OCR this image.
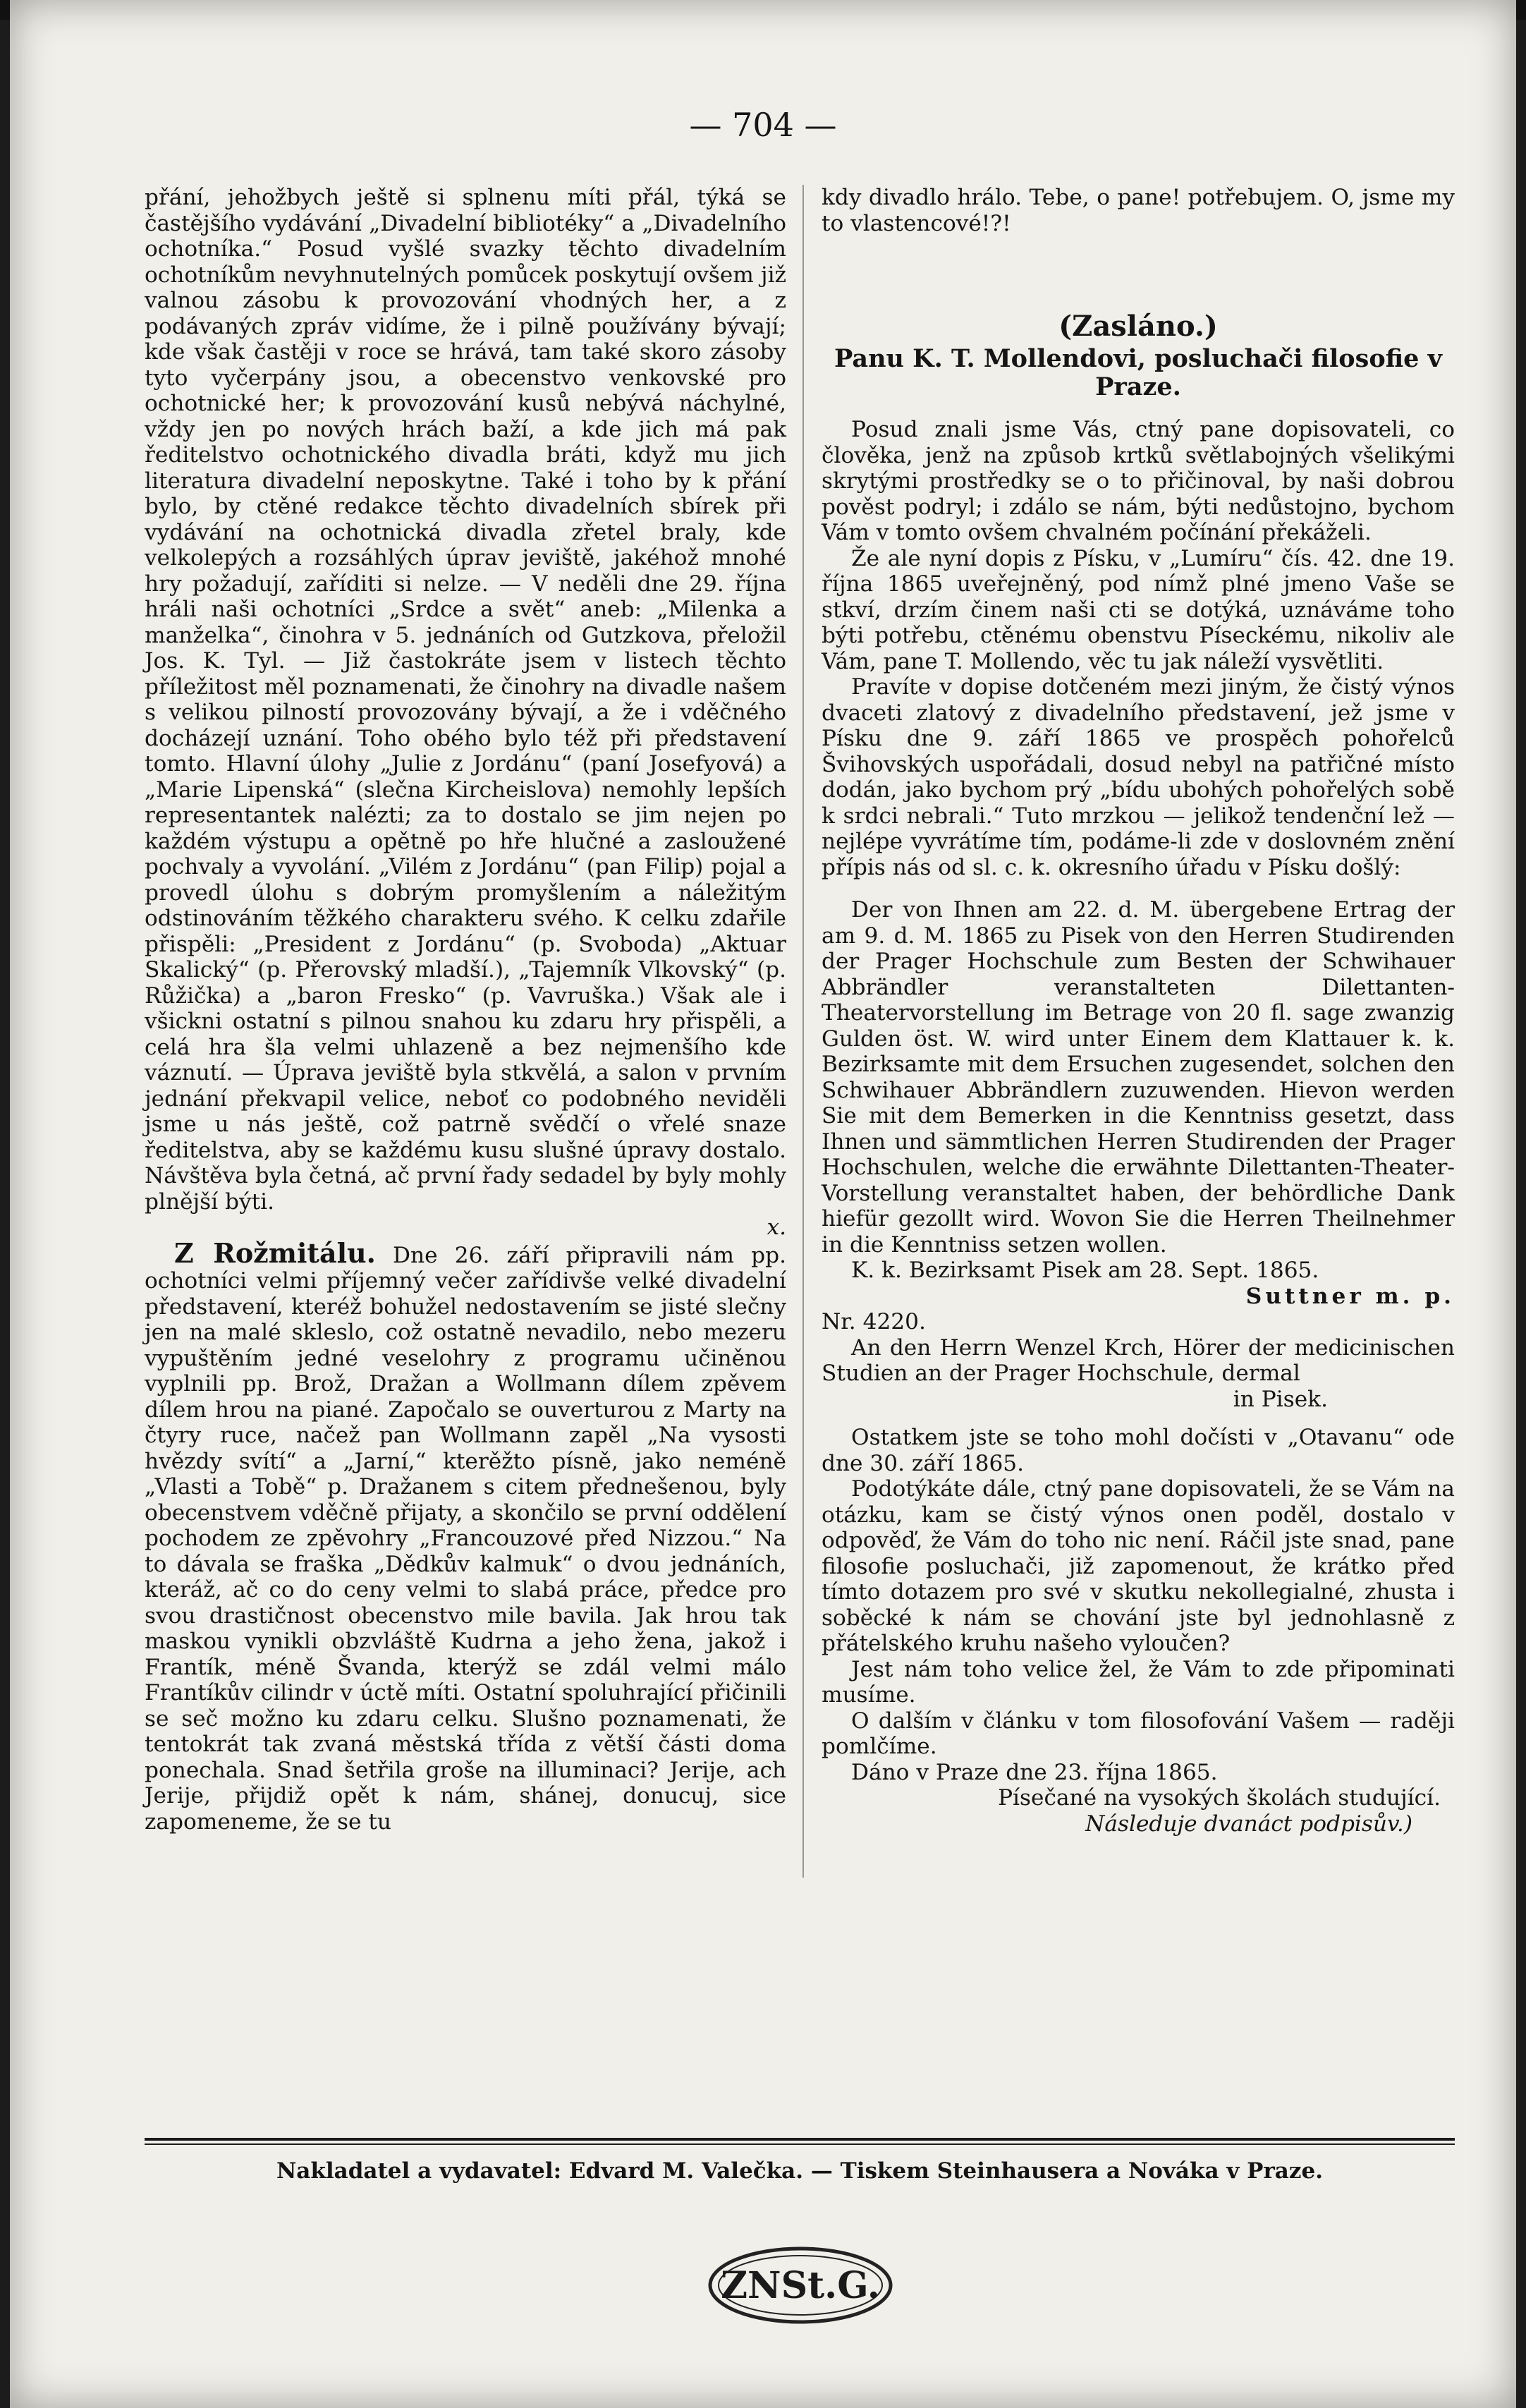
— 704 —

přání, jehožbych ještě si splnenu míti přál, týká se častějšího vydávání „Divadelní bibliotéky“ a „Divadelního ochotníka.“ Posud vyšlé svazky těchto divadelním ochotníkům nevyhnutelných pomůcek poskytují ovšem již valnou zásobu k provozování vhodných her, a z podávaných zpráv vidíme, že i pilně používány bývají; kde však častěji v roce se hrává, tam také skoro zásoby tyto vyčerpány jsou, a obecenstvo venkovské pro ochotnické her; k provozování kusů nebývá náchylné, vždy jen po nových hrách baží, a kde jich má pak ředitelstvo ochotnického divadla bráti, když mu jich literatura divadelní neposkytne. Také i toho by k přání bylo, by ctěné redakce těchto divadelních sbírek při vydávání na ochotnická divadla zřetel braly, kde velkolepých a rozsáhlých úprav jeviště, jakéhož mnohé hry požadují, zaříditi si nelze. — V neděli dne 29. října hráli naši ochotníci „Srdce a svět“ aneb: „Milenka a manželka“, činohra v 5. jednáních od Gutzkova, přeložil Jos. K. Tyl. — Již častokráte jsem v listech těchto příležitost měl poznamenati, že činohry na divadle našem s velikou pilností provozovány bývají, a že i vděčného docházejí uznání. Toho obého bylo též při představení tomto. Hlavní úlohy „Julie z Jordánu“ (paní Josefyová) a „Marie Lipenská“ (slečna Kircheislova) nemohly lepších representantek nalézti; za to dostalo se jim nejen po každém výstupu a opětně po hře hlučné a zasloužené pochvaly a vyvolání. „Vilém z Jordánu“ (pan Filip) pojal a provedl úlohu s dobrým promyšlením a náležitým odstinováním těžkého charakteru svého. K celku zdařile přispěli: „President z Jordánu“ (p. Svoboda) „Aktuar Skalický“ (p. Přerovský mladší.), „Tajemník Vlkovský“ (p. Růžička) a „baron Fresko“ (p. Vavruška.) Však ale i všickni ostatní s pilnou snahou ku zdaru hry přispěli, a celá hra šla velmi uhlazeně a bez nejmenšího kde váznutí. — Úprava jeviště byla stkvělá, a salon v prvním jednání překvapil velice, neboť co podobného neviděli jsme u nás ještě, což patrně svědčí o vřelé snaze ředitelstva, aby se každému kusu slušné úpravy dostalo. Návštěva byla četná, ač první řady sedadel by byly mohly plnější býti.

x.

Z Rožmitálu. Dne 26. září připravili nám pp. ochotníci velmi příjemný večer zařídivše velké divadelní představení, kteréž bohužel nedostavením se jisté slečny jen na malé skleslo, což ostatně nevadilo, nebo mezeru vypuštěním jedné veselohry z programu učiněnou vyplnili pp. Brož, Dražan a Wollmann dílem zpěvem dílem hrou na piané. Započalo se ouverturou z Marty na čtyry ruce, načež pan Wollmann zapěl „Na vysosti hvězdy svítí“ a „Jarní,“ kterěžto písně, jako neméně „Vlasti a Tobě“ p. Dražanem s citem přednešenou, byly obecenstvem vděčně přijaty, a skončilo se první oddělení pochodem ze zpěvohry „Francouzové před Nizzou.“ Na to dávala se fraška „Dědkův kalmuk“ o dvou jednáních, kteráž, ač co do ceny velmi to slabá práce, předce pro svou drastičnost obecenstvo mile bavila. Jak hrou tak maskou vynikli obzvláště Kudrna a jeho žena, jakož i Frantík, méně Švanda, kterýž se zdál velmi málo Frantíkův cilindr v úctě míti. Ostatní spoluhrající přičinili se seč možno ku zdaru celku. Slušno poznamenati, že tentokrát tak zvaná městská třída z větší části doma ponechala. Snad šetřila groše na illuminaci? Jerije, ach Jerije, přijdiž opět k nám, shánej, donucuj, sice zapomeneme, že se tu

kdy divadlo hrálo. Tebe, o pane! potřebujem. O, jsme my to vlastencové!?!

(Zasláno.)
Panu K. T. Mollendovi, posluchači filosofie v Praze.

Posud znali jsme Vás, ctný pane dopisovateli, co člověka, jenž na způsob krtků světlabojných všelikými skrytými prostředky se o to přičinoval, by naši dobrou pověst podryl; i zdálo se nám, býti nedůstojno, bychom Vám v tomto ovšem chvalném počínání překáželi.

Že ale nyní dopis z Písku, v „Lumíru“ čís. 42. dne 19. října 1865 uveřejněný, pod nímž plné jmeno Vaše se stkví, drzím činem naši cti se dotýká, uznáváme toho býti potřebu, ctěnému obenstvu Píseckému, nikoliv ale Vám, pane T. Mollendo, věc tu jak náleží vysvětliti.

Pravíte v dopise dotčeném mezi jiným, že čistý výnos dvaceti zlatový z divadelního představení, jež jsme v Písku dne 9. září 1865 ve prospěch pohořelců Švihovských uspořádali, dosud nebyl na patřičné místo dodán, jako bychom prý „bídu ubohých pohořelých sobě k srdci nebrali.“ Tuto mrzkou — jelikož tendenční lež — nejlépe vyvrátíme tím, podáme-li zde v doslovném znění přípis nás od sl. c. k. okresního úřadu v Písku došlý:

Der von Ihnen am 22. d. M. übergebene Ertrag der am 9. d. M. 1865 zu Pisek von den Herren Studirenden der Prager Hochschule zum Besten der Schwihauer Abbrändler veranstalteten Dilettanten-Theatervorstellung im Betrage von 20 fl. sage zwanzig Gulden öst. W. wird unter Einem dem Klattauer k. k. Bezirksamte mit dem Ersuchen zugesendet, solchen den Schwihauer Abbrändlern zuzuwenden. Hievon werden Sie mit dem Bemerken in die Kenntniss gesetzt, dass Ihnen und sämmtlichen Herren Studirenden der Prager Hochschulen, welche die erwähnte Dilettanten-Theater-Vorstellung veranstaltet haben, der behördliche Dank hiefür gezollt wird. Wovon Sie die Herren Theilnehmer in die Kenntniss setzen wollen.

K. k. Bezirksamt Pisek am 28. Sept. 1865.

Suttner m. p.

Nr. 4220.

An den Herrn Wenzel Krch, Hörer der medicinischen Studien an der Prager Hochschule, dermal

in Pisek.

Ostatkem jste se toho mohl dočísti v „Otavanu“ ode dne 30. září 1865.

Podotýkáte dále, ctný pane dopisovateli, že se Vám na otázku, kam se čistý výnos onen poděl, dostalo v odpověď, že Vám do toho nic není. Ráčil jste snad, pane filosofie posluchači, již zapomenout, že krátko před tímto dotazem pro své v skutku nekollegialné, zhusta i soběcké k nám se chování jste byl jednohlasně z přátelského kruhu našeho vyloučen?

Jest nám toho velice žel, že Vám to zde připominati musíme.

O dalším v článku v tom filosofování Vašem — raději pomlčíme.

Dáno v Praze dne 23. října 1865.

Písečané na vysokých školách studující.
Následuje dvanáct podpisův.)
Nakladatel a vydavatel: Edvard M. Valečka. — Tiskem Steinhausera a Nováka v Praze.
ZNSt.G.
